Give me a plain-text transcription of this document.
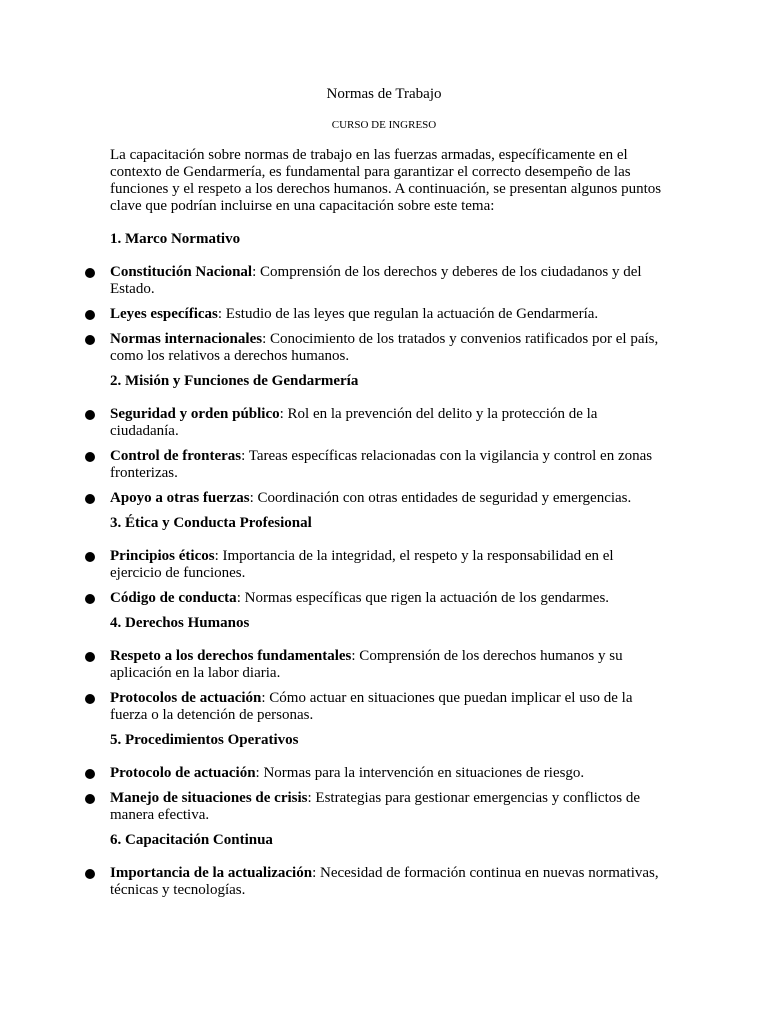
Normas de Trabajo
CURSO DE INGRESO

La capacitación sobre normas de trabajo en las fuerzas armadas, específicamente en el contexto de Gendarmería, es fundamental para garantizar el correcto desempeño de las funciones y el respeto a los derechos humanos. A continuación, se presentan algunos puntos clave que podrían incluirse en una capacitación sobre este tema:

1. Marco Normativo
Constitución Nacional: Comprensión de los derechos y deberes de los ciudadanos y del Estado.
Leyes específicas: Estudio de las leyes que regulan la actuación de Gendarmería.
Normas internacionales: Conocimiento de los tratados y convenios ratificados por el país, como los relativos a derechos humanos.
2. Misión y Funciones de Gendarmería
Seguridad y orden público: Rol en la prevención del delito y la protección de la ciudadanía.
Control de fronteras: Tareas específicas relacionadas con la vigilancia y control en zonas fronterizas.
Apoyo a otras fuerzas: Coordinación con otras entidades de seguridad y emergencias.
3. Ética y Conducta Profesional
Principios éticos: Importancia de la integridad, el respeto y la responsabilidad en el ejercicio de funciones.
Código de conducta: Normas específicas que rigen la actuación de los gendarmes.
4. Derechos Humanos
Respeto a los derechos fundamentales: Comprensión de los derechos humanos y su aplicación en la labor diaria.
Protocolos de actuación: Cómo actuar en situaciones que puedan implicar el uso de la fuerza o la detención de personas.
5. Procedimientos Operativos
Protocolo de actuación: Normas para la intervención en situaciones de riesgo.
Manejo de situaciones de crisis: Estrategias para gestionar emergencias y conflictos de manera efectiva.
6. Capacitación Continua
Importancia de la actualización: Necesidad de formación continua en nuevas normativas, técnicas y tecnologías.
